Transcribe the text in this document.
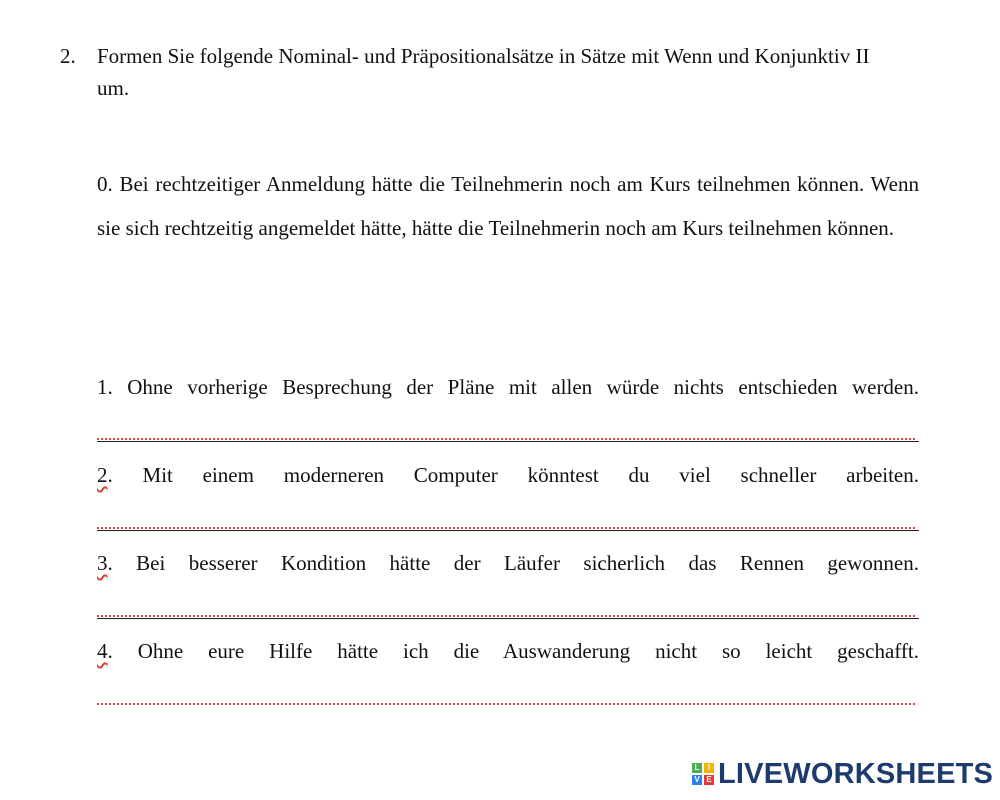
2. Formen Sie folgende Nominal- und Präpositionalsätze in Sätze mit Wenn und Konjunktiv II um.
0. Bei rechtzeitiger Anmeldung hätte die Teilnehmerin noch am Kurs teilnehmen können. Wenn sie sich rechtzeitig angemeldet hätte, hätte die Teilnehmerin noch am Kurs teilnehmen können.
1. Ohne vorherige Besprechung der Pläne mit allen würde nichts entschieden werden.
2. Mit einem moderneren Computer könntest du viel schneller arbeiten.
3. Bei besserer Kondition hätte der Läufer sicherlich das Rennen gewonnen.
4. Ohne eure Hilfe hätte ich die Auswanderung nicht so leicht geschafft.
L	I
V E LIVEWORKSHEETS
